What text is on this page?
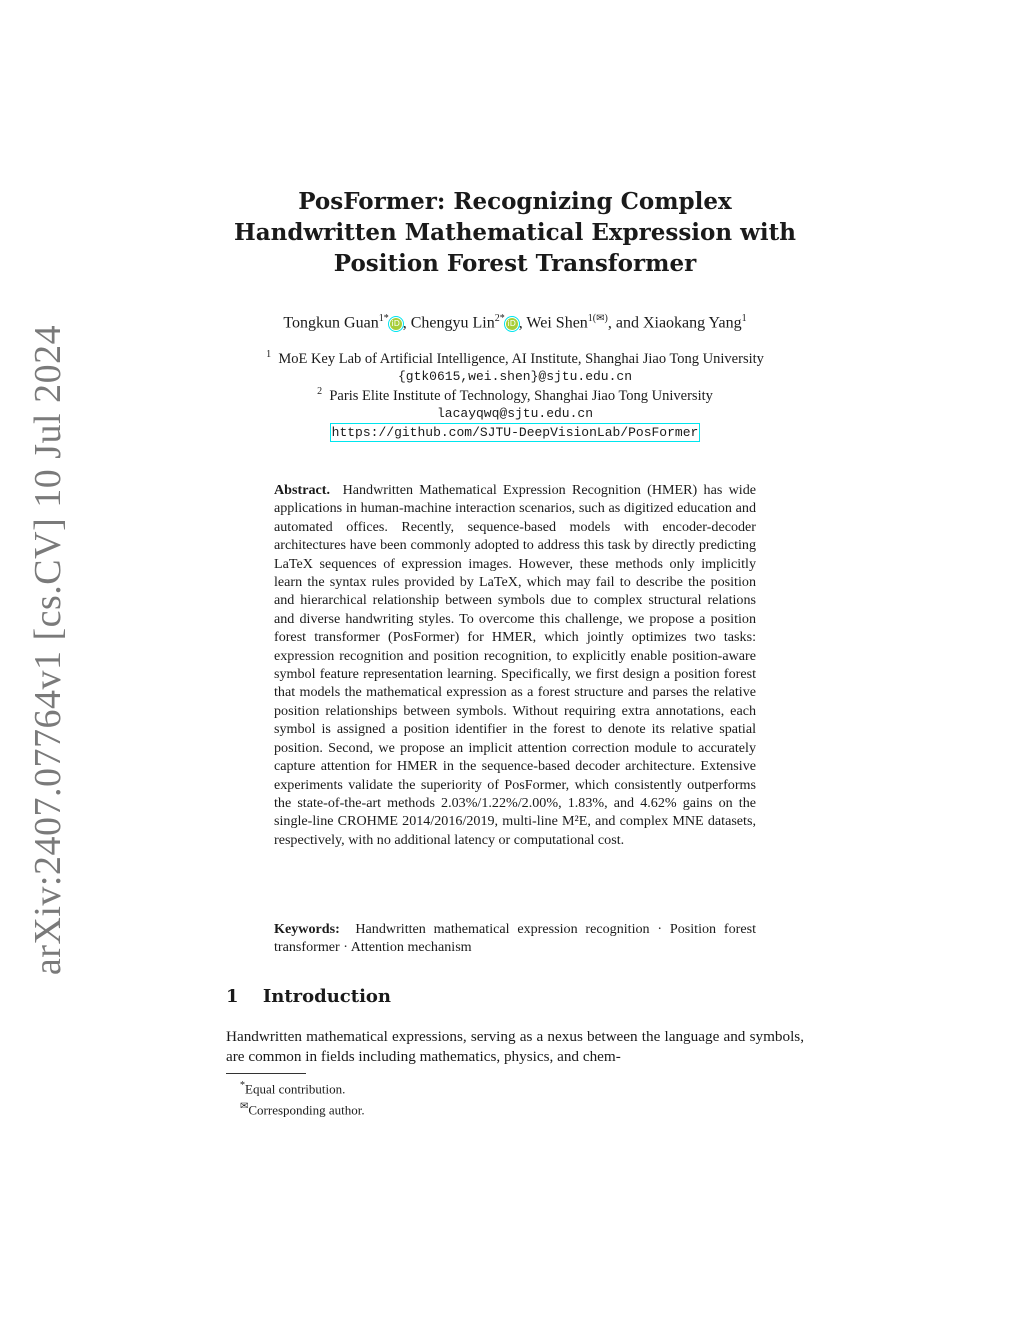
arXiv:2407.07764v1 [cs.CV] 10 Jul 2024
PosFormer: Recognizing Complex
Handwritten Mathematical Expression with
Position Forest Transformer
Tongkun Guan$^{1*}$ iD , Chengyu Lin$^{2*}$ iD , Wei Shen$^{1(✉)}$, and Xiaokang Yang$^1$
$^1$ MoE Key Lab of Artificial Intelligence, AI Institute, Shanghai Jiao Tong University
{gtk0615,wei.shen}@sjtu.edu.cn
$^2$ Paris Elite Institute of Technology, Shanghai Jiao Tong University
lacayqwq@sjtu.edu.cn
https://github.com/SJTU-DeepVisionLab/PosFormer
Abstract. Handwritten Mathematical Expression Recognition (HMER) has wide applications in human-machine interaction scenarios, such as digitized education and automated offices. Recently, sequence-based models with encoder-decoder architectures have been commonly adopted to address this task by directly predicting LaTeX sequences of expression images. However, these methods only implicitly learn the syntax rules provided by LaTeX, which may fail to describe the position and hierarchical relationship between symbols due to complex structural relations and diverse handwriting styles. To overcome this challenge, we propose a position forest transformer (PosFormer) for HMER, which jointly optimizes two tasks: expression recognition and position recognition, to explicitly enable position-aware symbol feature representation learning. Specifically, we first design a position forest that models the mathematical expression as a forest structure and parses the relative position relationships between symbols. Without requiring extra annotations, each symbol is assigned a position identifier in the forest to denote its relative spatial position. Second, we propose an implicit attention correction module to accurately capture attention for HMER in the sequence-based decoder architecture. Extensive experiments validate the superiority of PosFormer, which consistently outperforms the state-of-the-art methods 2.03%/1.22%/2.00%, 1.83%, and 4.62% gains on the single-line CROHME 2014/2016/2019, multi-line M²E, and complex MNE datasets, respectively, with no additional latency or computational cost.
Keywords: Handwritten mathematical expression recognition · Position forest transformer · Attention mechanism
1 Introduction
Handwritten mathematical expressions, serving as a nexus between the language and symbols, are common in fields including mathematics, physics, and chem-
*Equal contribution.
✉Corresponding author.
